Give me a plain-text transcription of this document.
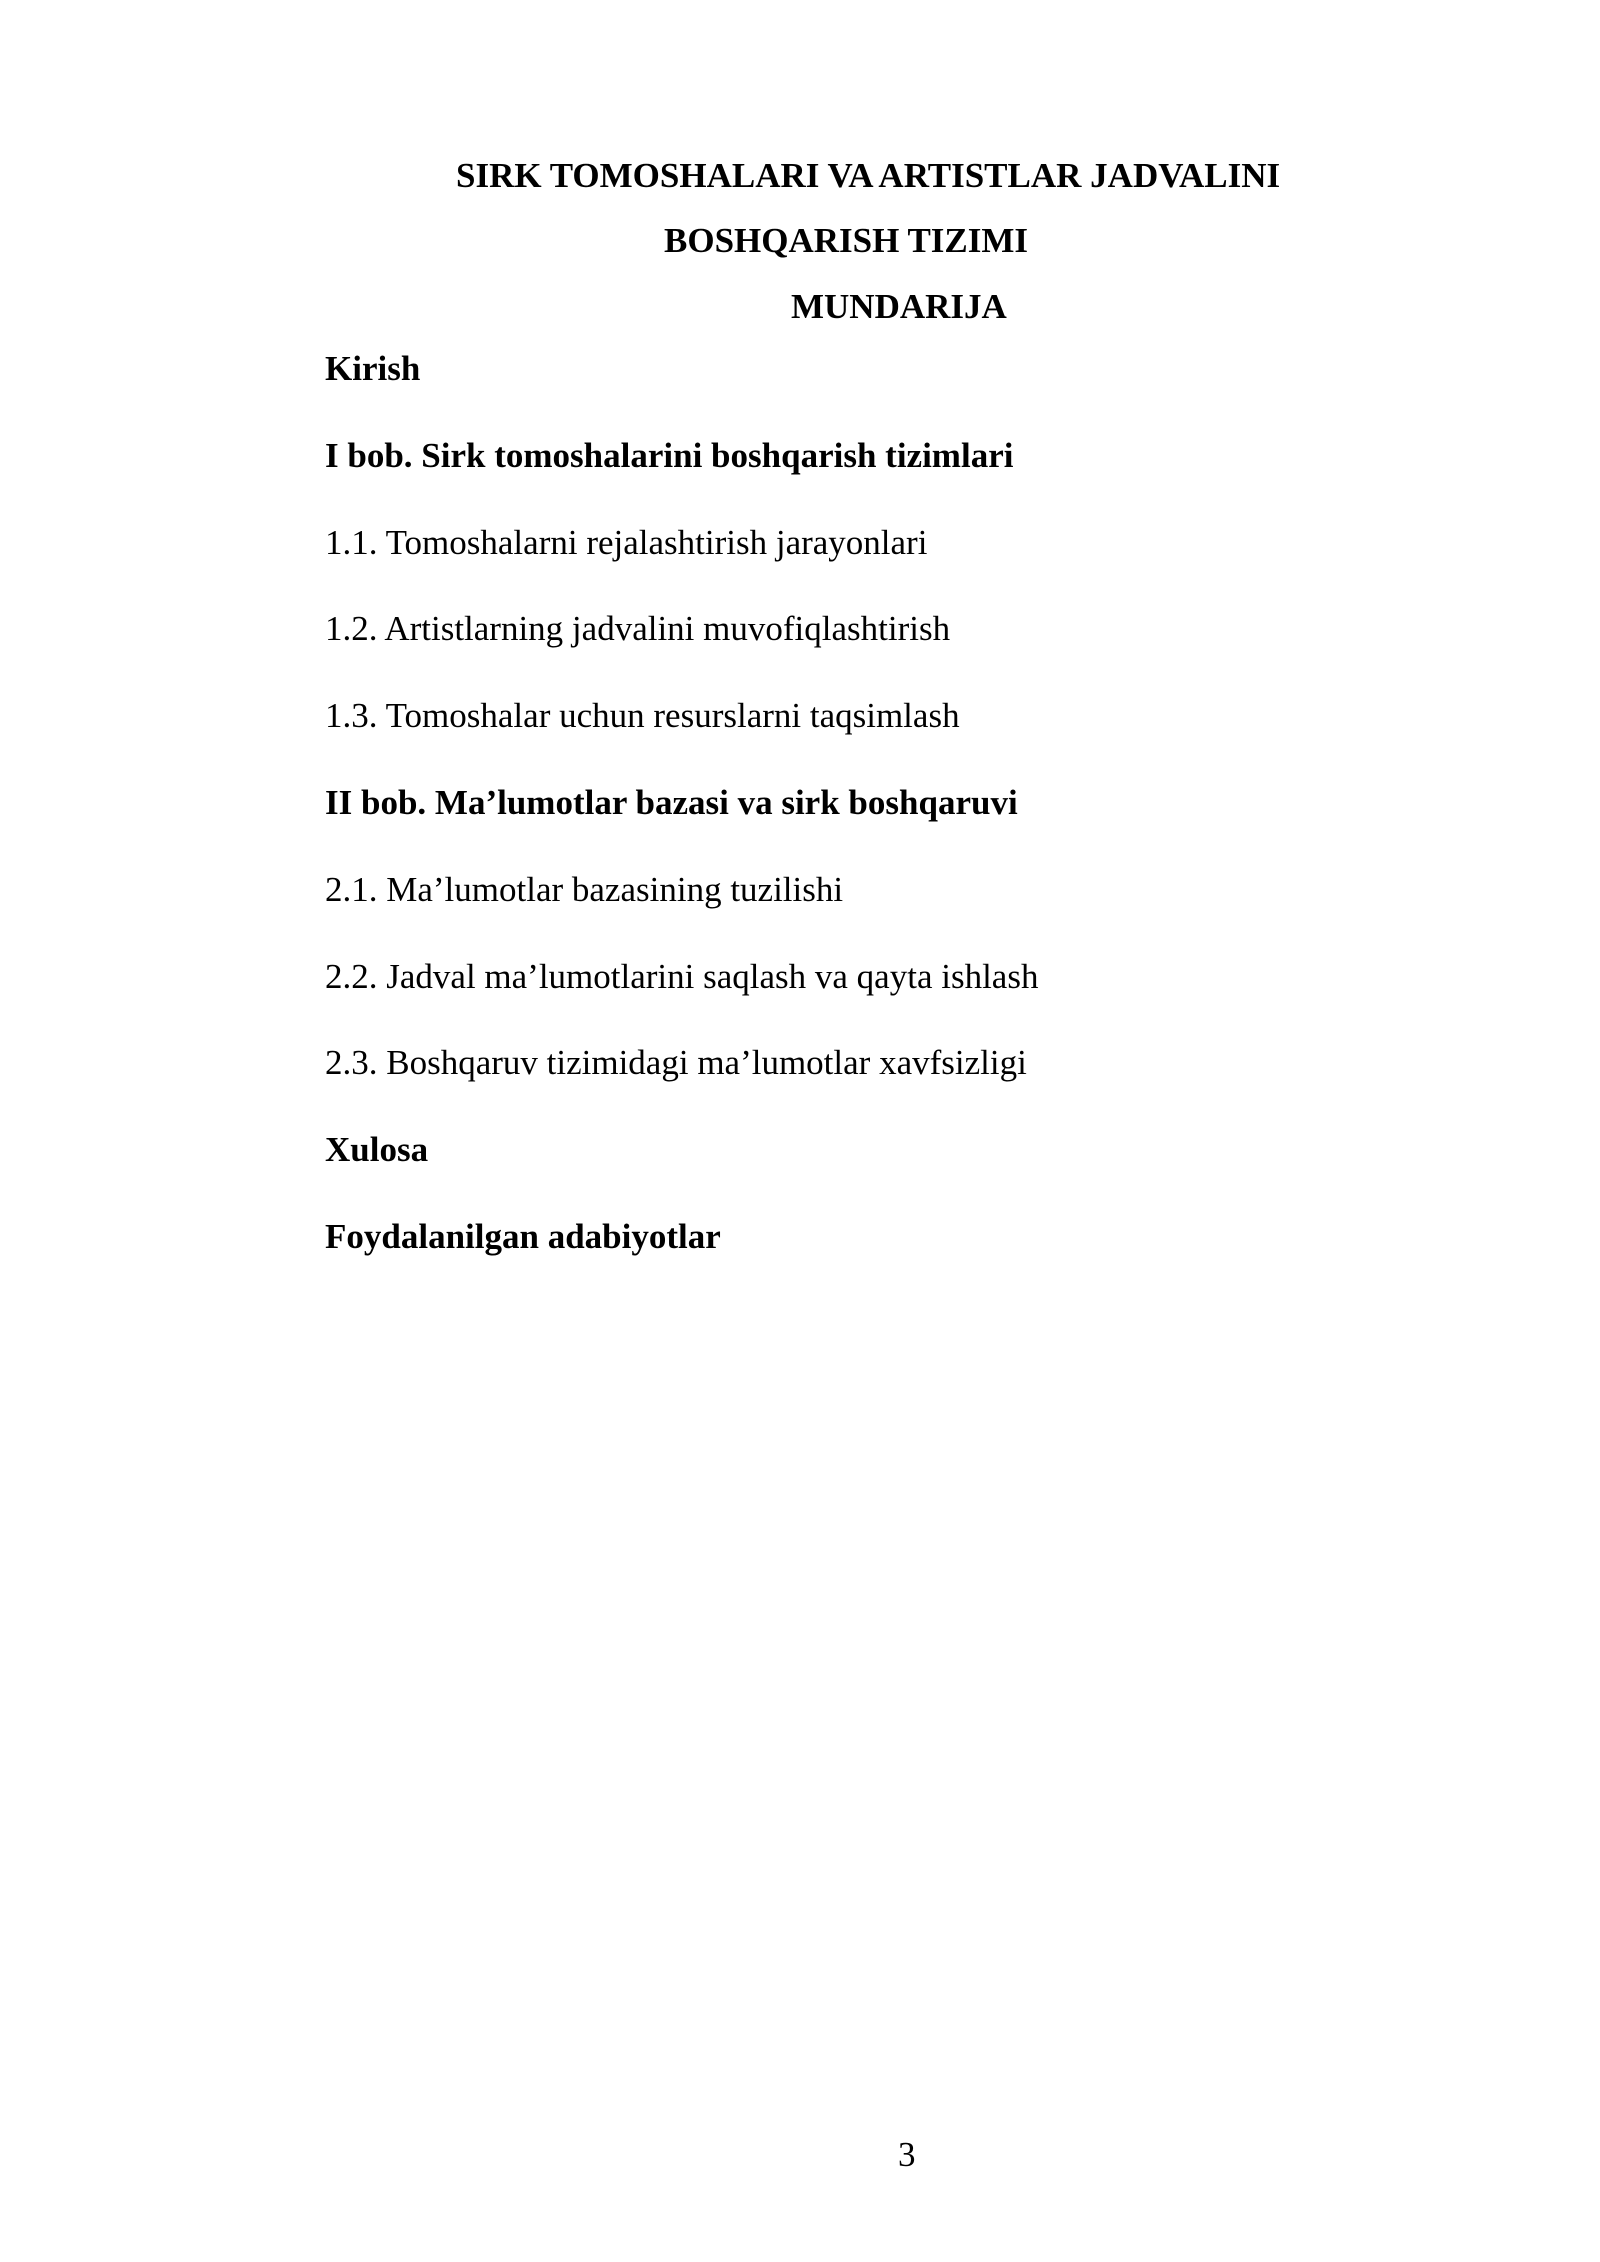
SIRK TOMOSHALARI VA ARTISTLAR JADVALINI
BOSHQARISH TIZIMI
MUNDARIJA
Kirish
I bob. Sirk tomoshalarini boshqarish tizimlari
1.1. Tomoshalarni rejalashtirish jarayonlari
1.2. Artistlarning jadvalini muvofiqlashtirish
1.3. Tomoshalar uchun resurslarni taqsimlash
II bob. Ma’lumotlar bazasi va sirk boshqaruvi
2.1. Ma’lumotlar bazasining tuzilishi
2.2. Jadval ma’lumotlarini saqlash va qayta ishlash
2.3. Boshqaruv tizimidagi ma’lumotlar xavfsizligi
Xulosa
Foydalanilgan adabiyotlar
3
